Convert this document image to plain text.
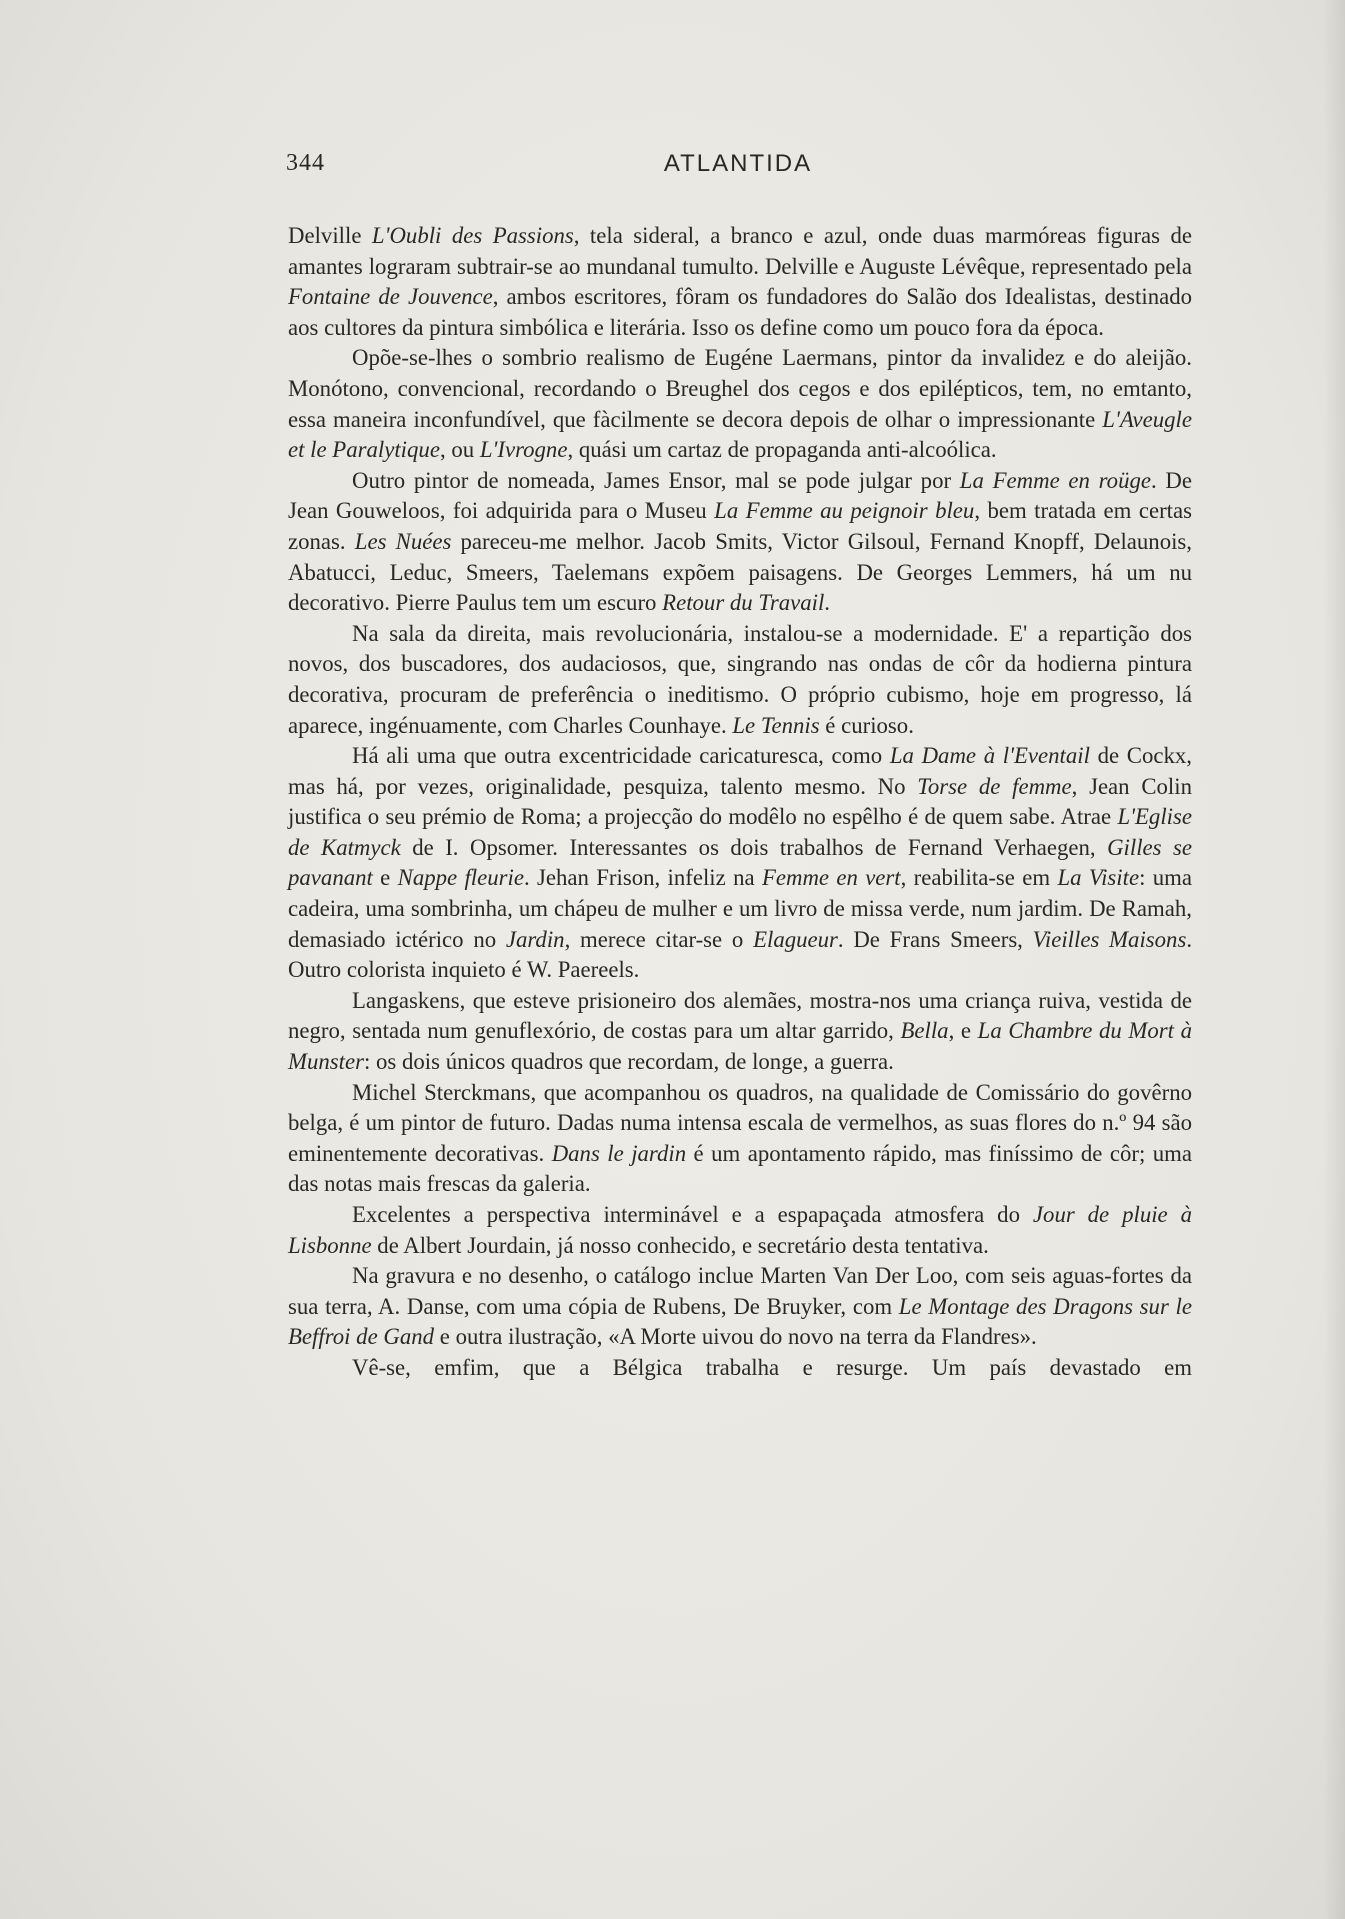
344	ATLANTIDA

Delville L'Oubli des Passions, tela sideral, a branco e azul, onde duas marmóreas figuras de amantes lograram subtrair-se ao mundanal tumulto. Delville e Auguste Lévêque, representado pela Fontaine de Jouvence, ambos escritores, fôram os fundadores do Salão dos Idealistas, destinado aos cultores da pintura simbólica e literária. Isso os define como um pouco fora da época.

Opõe-se-lhes o sombrio realismo de Eugéne Laermans, pintor da invalidez e do aleijão. Monótono, convencional, recordando o Breughel dos cegos e dos epilépticos, tem, no emtanto, essa maneira inconfundível, que fàcilmente se decora depois de olhar o impressionante L'Aveugle et le Paralytique, ou L'Ivrogne, quási um cartaz de propaganda anti-alcoólica.

Outro pintor de nomeada, James Ensor, mal se pode julgar por La Femme en roüge. De Jean Gouweloos, foi adquirida para o Museu La Femme au peignoir bleu, bem tratada em certas zonas. Les Nuées pareceu-me melhor. Jacob Smits, Victor Gilsoul, Fernand Knopff, Delaunois, Abatucci, Leduc, Smeers, Taelemans expõem paisagens. De Georges Lemmers, há um nu decorativo. Pierre Paulus tem um escuro Retour du Travail.

Na sala da direita, mais revolucionária, instalou-se a modernidade. E' a repartição dos novos, dos buscadores, dos audaciosos, que, singrando nas ondas de côr da hodierna pintura decorativa, procuram de preferência o ineditismo. O próprio cubismo, hoje em progresso, lá aparece, ingénuamente, com Charles Counhaye. Le Tennis é curioso.

Há ali uma que outra excentricidade caricaturesca, como La Dame à l'Eventail de Cockx, mas há, por vezes, originalidade, pesquiza, talento mesmo. No Torse de femme, Jean Colin justifica o seu prémio de Roma; a projecção do modêlo no espêlho é de quem sabe. Atrae L'Eglise de Katmyck de I. Opsomer. Interessantes os dois trabalhos de Fernand Verhaegen, Gilles se pavanant e Nappe fleurie. Jehan Frison, infeliz na Femme en vert, reabilita-se em La Visite: uma cadeira, uma sombrinha, um chápeu de mulher e um livro de missa verde, num jardim. De Ramah, demasiado ictérico no Jardin, merece citar-se o Elagueur. De Frans Smeers, Vieilles Maisons. Outro colorista inquieto é W. Paereels.

Langaskens, que esteve prisioneiro dos alemães, mostra-nos uma criança ruiva, vestida de negro, sentada num genuflexório, de costas para um altar garrido, Bella, e La Chambre du Mort à Munster: os dois únicos quadros que recordam, de longe, a guerra.

Michel Sterckmans, que acompanhou os quadros, na qualidade de Comissário do govêrno belga, é um pintor de futuro. Dadas numa intensa escala de vermelhos, as suas flores do n.º 94 são eminentemente decorativas. Dans le jardin é um apontamento rápido, mas finíssimo de côr; uma das notas mais frescas da galeria.

Excelentes a perspectiva interminável e a espapaçada atmosfera do Jour de pluie à Lisbonne de Albert Jourdain, já nosso conhecido, e secretário desta tentativa.

Na gravura e no desenho, o catálogo inclue Marten Van Der Loo, com seis aguas-fortes da sua terra, A. Danse, com uma cópia de Rubens, De Bruyker, com Le Montage des Dragons sur le Beffroi de Gand e outra ilustração, «A Morte uivou do novo na terra da Flandres».

Vê-se, emfim, que a Bélgica trabalha e resurge. Um país devastado em
